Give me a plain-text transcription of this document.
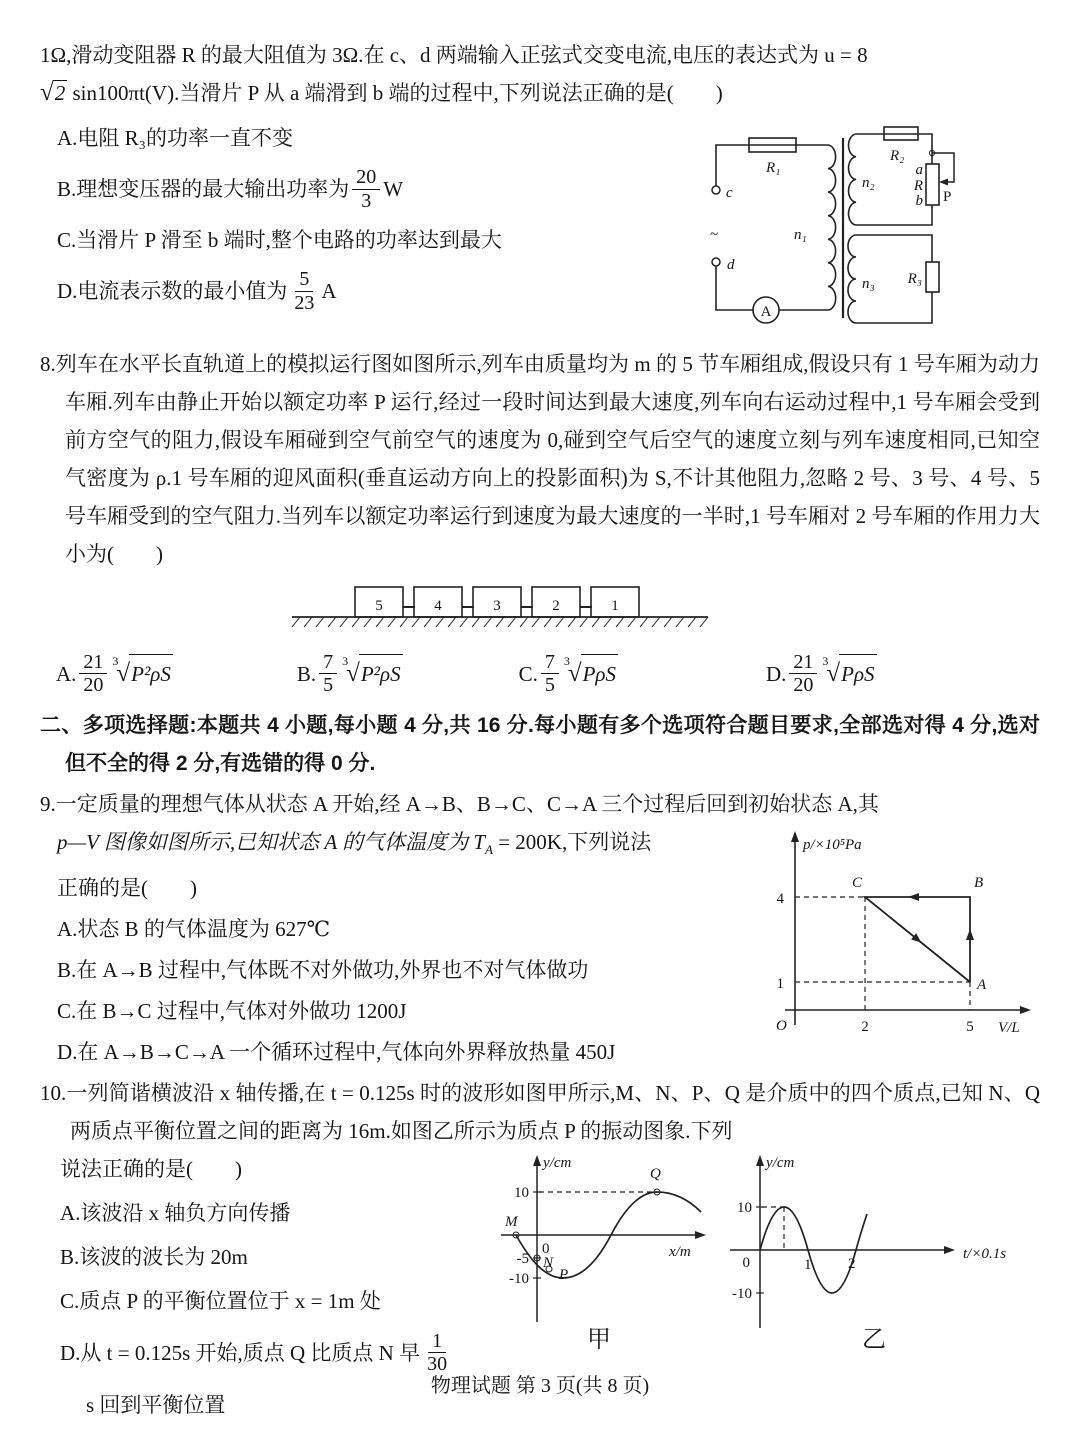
1Ω,滑动变阻器 R 的最大阻值为 3Ω.在 c、d 两端输入正弦式交变电流,电压的表达式为 u = 8

√2 sin100πt(V).当滑片 P 从 a 端滑到 b 端的过程中,下列说法正确的是(　　)

A.电阻 R₃的功率一直不变

B.理想变压器的最大输出功率为 $\frac{20}{3}$ W

C.当滑片 P 滑至 b 端时,整个电路的功率达到最大

D.电流表示数的最小值为 $\frac{5}{23}$ A

R₁
c
~
d
A
n₁
n₂
R₂
a
R
b P
n₃ R₃

8.列车在水平长直轨道上的模拟运行图如图所示,列车由质量均为 m 的 5 节车厢组成,假设只有 1 号车厢为动力车厢.列车由静止开始以额定功率 P 运行,经过一段时间达到最大速度,列车向右运动过程中,1 号车厢会受到前方空气的阻力,假设车厢碰到空气前空气的速度为 0,碰到空气后空气的速度立刻与列车速度相同,已知空气密度为 ρ.1 号车厢的迎风面积(垂直运动方向上的投影面积)为 S,不计其他阻力,忽略 2 号、3 号、4 号、5 号车厢受到的空气阻力.当列车以额定功率运行到速度为最大速度的一半时,1 号车厢对 2 号车厢的作用力大小为(　　)

5	4	3	2	1
A. $\frac{21}{20} 3$
√ P²ρS	B. $\frac{7}{5} 3$
√ P²ρS	C. $\frac{7}{5} 3$
√ PρS	D. $\frac{21}{20} 3$
√ PρS

二、多项选择题:本题共 4 小题,每小题 4 分,共 16 分.每小题有多个选项符合题目要求,全部选对得 4 分,选对但不全的得 2 分,有选错的得 0 分.

9.一定质量的理想气体从状态 A 开始,经 A→B、B→C、C→A 三个过程后回到初始状态 A,其

p—V 图像如图所示,已知状态 A 的气体温度为 $T_A = 200K$,下列说法

正确的是(　　)

A.状态 B 的气体温度为 627℃

B.在 A→B 过程中,气体既不对外做功,外界也不对气体做功

C.在 B→C 过程中,气体对外做功 1200J

D.在 A→B→C→A 一个循环过程中,气体向外界释放热量 450J

p/×10⁵Pa
V/L
O
4
1
2	5
A
B
C

10.一列简谐横波沿 x 轴传播,在 t = 0.125s 时的波形如图甲所示,M、N、P、Q 是介质中的四个质点,已知 N、Q 两质点平衡位置之间的距离为 16m.如图乙所示为质点 P 的振动图象.下列

说法正确的是(　　)

A.该波沿 x 轴负方向传播

B.该波的波长为 20m

C.质点 P 的平衡位置位于 x = 1m 处

D.从 t = 0.125s 开始,质点 Q 比质点 N 早 $\frac{1}{30}$

s 回到平衡位置

y/cm
x/m
0
10
-5
-10
M
N
P
Q
甲
y/cm
t/×0.1s
10
0
-10
1 2
乙
物理试题 第 3 页(共 8 页)
